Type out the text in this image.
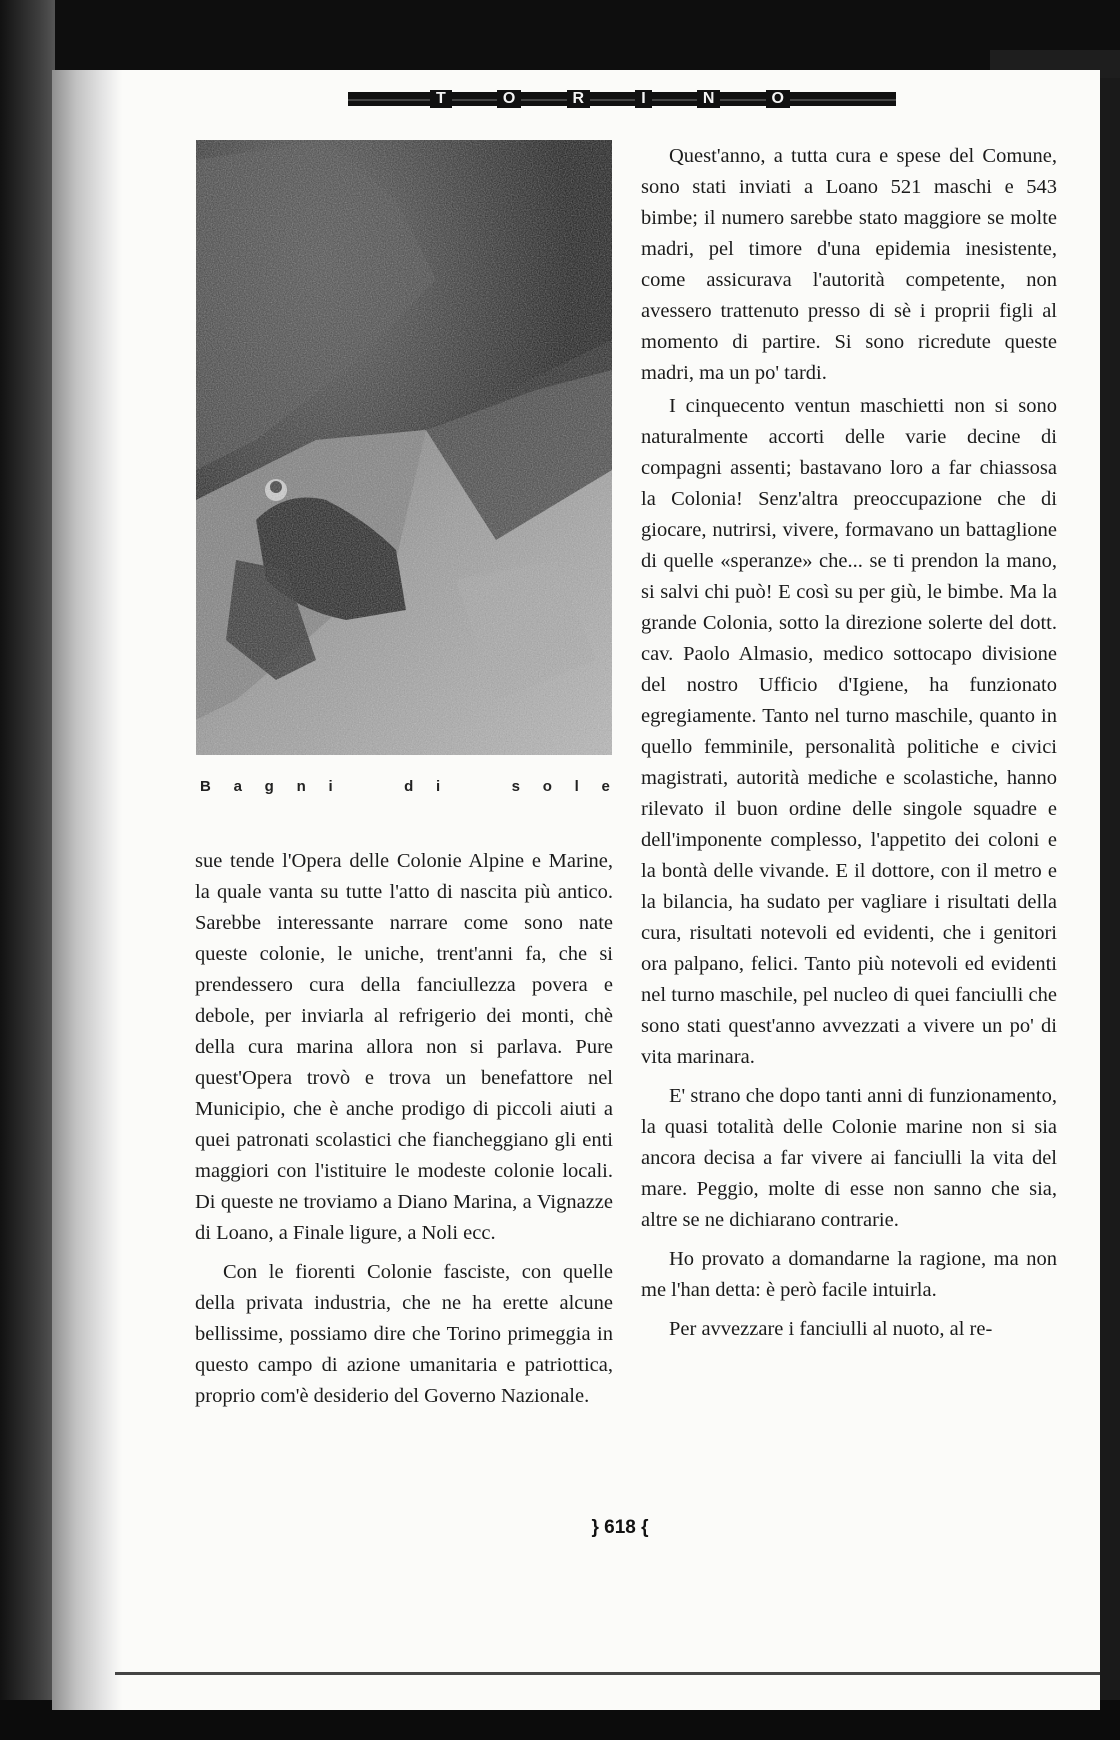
T	O	R	I	N	O
B a g n i	d i	s o l e

sue tende l'Opera delle Colonie Alpine e Marine, la quale vanta su tutte l'atto di nascita più antico. Sarebbe interessante narrare come sono nate queste colonie, le uniche, trent'anni fa, che si prendessero cura della fanciullezza povera e debole, per inviarla al refrigerio dei monti, chè della cura marina allora non si parlava. Pure quest'Opera trovò e trova un benefattore nel Municipio, che è anche prodigo di piccoli aiuti a quei patronati scolastici che fiancheggiano gli enti maggiori con l'istituire le modeste colonie locali. Di queste ne troviamo a Diano Marina, a Vignazze di Loano, a Finale ligure, a Noli ecc.

Con le fiorenti Colonie fasciste, con quelle della privata industria, che ne ha erette alcune bellissime, possiamo dire che Torino primeggia in questo campo di azione umanitaria e patriottica, proprio com'è desiderio del Governo Nazionale.

Quest'anno, a tutta cura e spese del Comune, sono stati inviati a Loano 521 maschi e 543 bimbe; il numero sarebbe stato maggiore se molte madri, pel timore d'una epidemia inesistente, come assicurava l'autorità competente, non avessero trattenuto presso di sè i proprii figli al momento di partire. Si sono ricredute queste madri, ma un po' tardi.

I cinquecento ventun maschietti non si sono naturalmente accorti delle varie decine di compagni assenti; bastavano loro a far chiassosa la Colonia! Senz'altra preoccupazione che di giocare, nutrirsi, vivere, formavano un battaglione di quelle «speranze» che... se ti prendon la mano, si salvi chi può! E così su per giù, le bimbe. Ma la grande Colonia, sotto la direzione solerte del dott. cav. Paolo Almasio, medico sottocapo divisione del nostro Ufficio d'Igiene, ha funzionato egregiamente. Tanto nel turno maschile, quanto in quello femminile, personalità politiche e civici magistrati, autorità mediche e scolastiche, hanno rilevato il buon ordine delle singole squadre e dell'imponente complesso, l'appetito dei coloni e la bontà delle vivande. E il dottore, con il metro e la bilancia, ha sudato per vagliare i risultati della cura, risultati notevoli ed evidenti, che i genitori ora palpano, felici. Tanto più notevoli ed evidenti nel turno maschile, pel nucleo di quei fanciulli che sono stati quest'anno avvezzati a vivere un po' di vita marinara.

E' strano che dopo tanti anni di funzionamento, la quasi totalità delle Colonie marine non si sia ancora decisa a far vivere ai fanciulli la vita del mare. Peggio, molte di esse non sanno che sia, altre se ne dichiarano contrarie.

Ho provato a domandarne la ragione, ma non me l'han detta: è però facile intuirla.

Per avvezzare i fanciulli al nuoto, al re-

} 618 {
